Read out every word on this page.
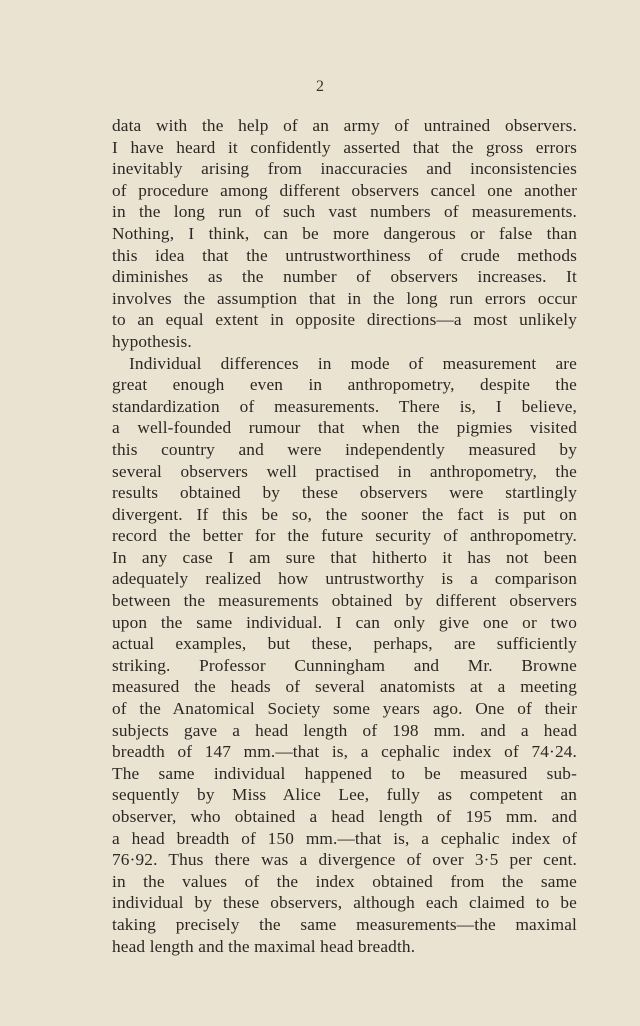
2
data with the help of an army of untrained observers.
I have heard it confidently asserted that the gross errors
inevitably arising from inaccuracies and inconsistencies
of procedure among different observers cancel one another
in the long run of such vast numbers of measurements.
Nothing, I think, can be more dangerous or false than
this idea that the untrustworthiness of crude methods
diminishes as the number of observers increases. It
involves the assumption that in the long run errors occur
to an equal extent in opposite directions—a most unlikely
hypothesis.
Individual differences in mode of measurement are
great enough even in anthropometry, despite the
standardization of measurements. There is, I believe,
a well-founded rumour that when the pigmies visited
this country and were independently measured by
several observers well practised in anthropometry, the
results obtained by these observers were startlingly
divergent. If this be so, the sooner the fact is put on
record the better for the future security of anthropometry.
In any case I am sure that hitherto it has not been
adequately realized how untrustworthy is a comparison
between the measurements obtained by different observers
upon the same individual. I can only give one or two
actual examples, but these, perhaps, are sufficiently
striking. Professor Cunningham and Mr. Browne
measured the heads of several anatomists at a meeting
of the Anatomical Society some years ago. One of their
subjects gave a head length of 198 mm. and a head
breadth of 147 mm.—that is, a cephalic index of 74·24.
The same individual happened to be measured sub-
sequently by Miss Alice Lee, fully as competent an
observer, who obtained a head length of 195 mm. and
a head breadth of 150 mm.—that is, a cephalic index of
76·92. Thus there was a divergence of over 3·5 per cent.
in the values of the index obtained from the same
individual by these observers, although each claimed to be
taking precisely the same measurements—the maximal
head length and the maximal head breadth.
